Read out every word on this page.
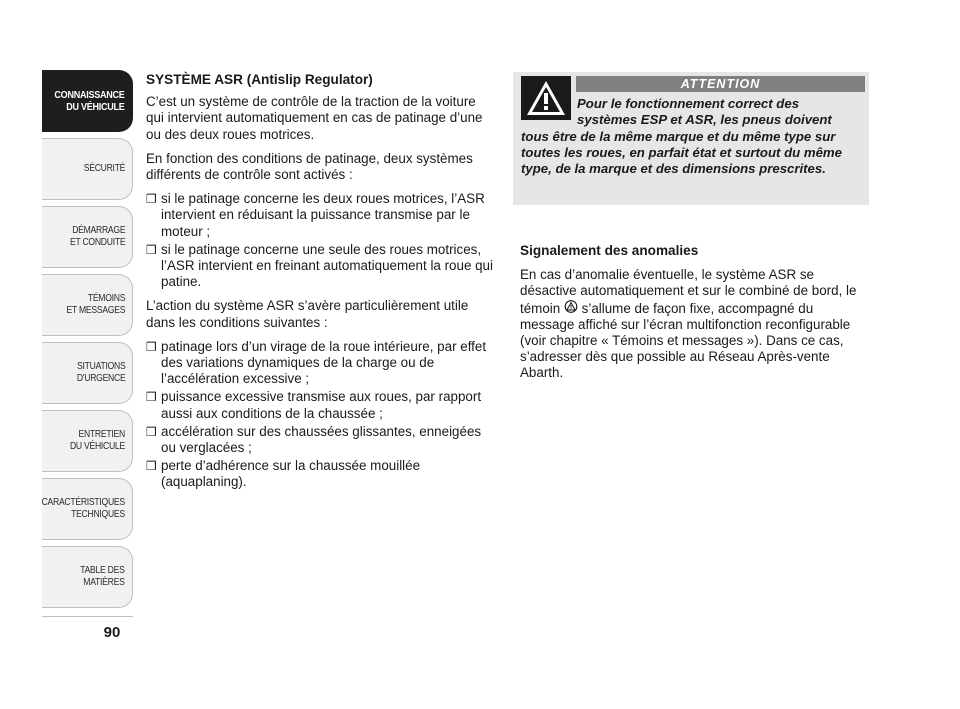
CONNAISSANCE
DU VÉHICULE
SÉCURITÉ
DÉMARRAGE
ET CONDUITE
TÉMOINS
ET MESSAGES
SITUATIONS
D'URGENCE
ENTRETIEN
DU VÉHICULE
CARACTÉRISTIQUES
TECHNIQUES
TABLE DES
MATIÈRES
90
SYSTÈME ASR (Antislip Regulator)

C’est un système de contrôle de la traction de la voiture qui intervient automatiquement en cas de patinage d’une ou des deux roues motrices.

En fonction des conditions de patinage, deux systèmes différents de contrôle sont activés :

❒ si le patinage concerne les deux roues motrices, l’ASR intervient en réduisant la puissance transmise par le moteur ;
❒ si le patinage concerne une seule des roues motrices, l’ASR intervient en freinant automatiquement la roue qui patine.

L’action du système ASR s’avère particulièrement utile dans les conditions suivantes :

❒ patinage lors d’un virage de la roue intérieure, par effet des variations dynamiques de la charge ou de l’accélération excessive ;
❒ puissance excessive transmise aux roues, par rapport aussi aux conditions de la chaussée ;
❒ accélération sur des chaussées glissantes, enneigées ou verglacées ;
❒ perte d’adhérence sur la chaussée mouillée (aquaplaning).
ATTENTION
Pour le fonctionnement correct des
systèmes ESP et ASR, les pneus doivent
tous être de la même marque et du même type sur toutes les roues, en parfait état et surtout du même type, de la marque et des dimensions prescrites.

Signalement des anomalies

En cas d’anomalie éventuelle, le système ASR se désactive automatiquement et sur le combiné de bord, le témoin s’allume de façon fixe, accompagné du message affiché sur l’écran multifonction reconfigurable (voir chapitre « Témoins et messages »). Dans ce cas, s’adresser dès que possible au Réseau Après-vente Abarth.
